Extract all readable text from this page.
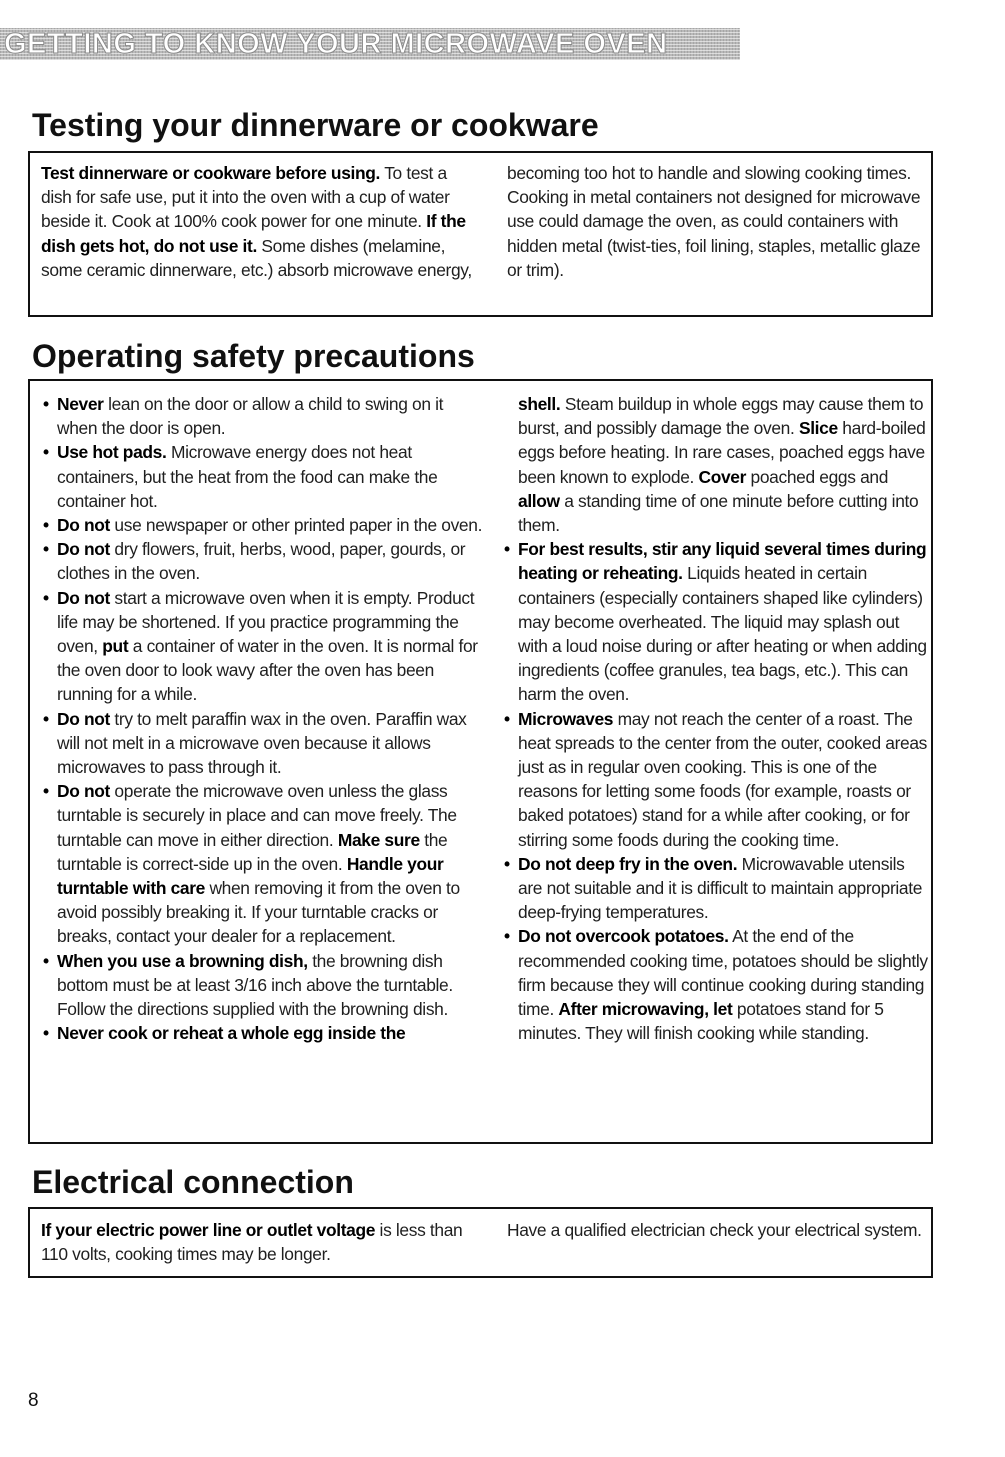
GETTING TO KNOW YOUR MICROWAVE OVEN
Testing your dinnerware or cookware

Test dinnerware or cookware before using. To test a dish for safe use, put it into the oven with a cup of water beside it. Cook at 100% cook power for one minute. If the dish gets hot, do not use it. Some dishes (melamine, some ceramic dinnerware, etc.) absorb microwave energy,

becoming too hot to handle and slowing cooking times. Cooking in metal containers not designed for microwave use could damage the oven, as could containers with hidden metal (twist-ties, foil lining, staples, metallic glaze or trim).

Operating safety precautions

• Never lean on the door or allow a child to swing on it when the door is open.

• Use hot pads. Microwave energy does not heat containers, but the heat from the food can make the container hot.

• Do not use newspaper or other printed paper in the oven.

• Do not dry flowers, fruit, herbs, wood, paper, gourds, or clothes in the oven.

• Do not start a microwave oven when it is empty. Product life may be shortened. If you practice programming the oven, put a container of water in the oven. It is normal for the oven door to look wavy after the oven has been running for a while.

• Do not try to melt paraffin wax in the oven. Paraffin wax will not melt in a microwave oven because it allows microwaves to pass through it.

• Do not operate the microwave oven unless the glass turntable is securely in place and can move freely. The turntable can move in either direction. Make sure the turntable is correct-side up in the oven. Handle your turntable with care when removing it from the oven to avoid possibly breaking it. If your turntable cracks or breaks, contact your dealer for a replacement.

• When you use a browning dish, the browning dish bottom must be at least 3/16 inch above the turntable. Follow the directions supplied with the browning dish.

• Never cook or reheat a whole egg inside the

shell. Steam buildup in whole eggs may cause them to burst, and possibly damage the oven. Slice hard-boiled eggs before heating. In rare cases, poached eggs have been known to explode. Cover poached eggs and allow a standing time of one minute before cutting into them.

• For best results, stir any liquid several times during heating or reheating. Liquids heated in certain containers (especially containers shaped like cylinders) may become overheated. The liquid may splash out with a loud noise during or after heating or when adding ingredients (coffee granules, tea bags, etc.). This can harm the oven.

• Microwaves may not reach the center of a roast. The heat spreads to the center from the outer, cooked areas just as in regular oven cooking. This is one of the reasons for letting some foods (for example, roasts or baked potatoes) stand for a while after cooking, or for stirring some foods during the cooking time.

• Do not deep fry in the oven. Microwavable utensils are not suitable and it is difficult to maintain appropriate deep-frying temperatures.

• Do not overcook potatoes. At the end of the recommended cooking time, potatoes should be slightly firm because they will continue cooking during standing time. After microwaving, let potatoes stand for 5 minutes. They will finish cooking while standing.

Electrical connection

If your electric power line or outlet voltage is less than 110 volts, cooking times may be longer.

Have a qualified electrician check your electrical system.

8
